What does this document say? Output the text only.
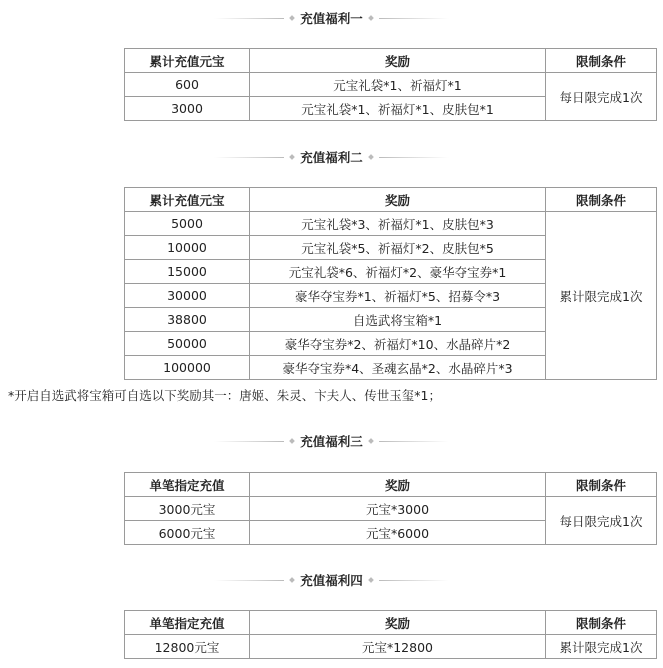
充值福利一
累计充值元宝	奖励	限制条件
600	元宝礼袋*1、祈福灯*1	每日限完成1次
3000	元宝礼袋*1、祈福灯*1、皮肤包*1	
充值福利二
累计充值元宝	奖励	限制条件
5000	元宝礼袋*3、祈福灯*1、皮肤包*3	累计限完成1次
10000	元宝礼袋*5、祈福灯*2、皮肤包*5	
15000	元宝礼袋*6、祈福灯*2、豪华夺宝券*1	
30000	豪华夺宝券*1、祈福灯*5、招募令*3	
38800	自选武将宝箱*1	
50000	豪华夺宝券*2、祈福灯*10、水晶碎片*2	
100000	豪华夺宝券*4、圣魂玄晶*2、水晶碎片*3	
*开启自选武将宝箱可自选以下奖励其一：唐姬、朱灵、卞夫人、传世玉玺*1；
充值福利三
单笔指定充值	奖励	限制条件
3000元宝	元宝*3000	每日限完成1次
6000元宝	元宝*6000	
充值福利四
单笔指定充值	奖励	限制条件
12800元宝	元宝*12800	累计限完成1次
